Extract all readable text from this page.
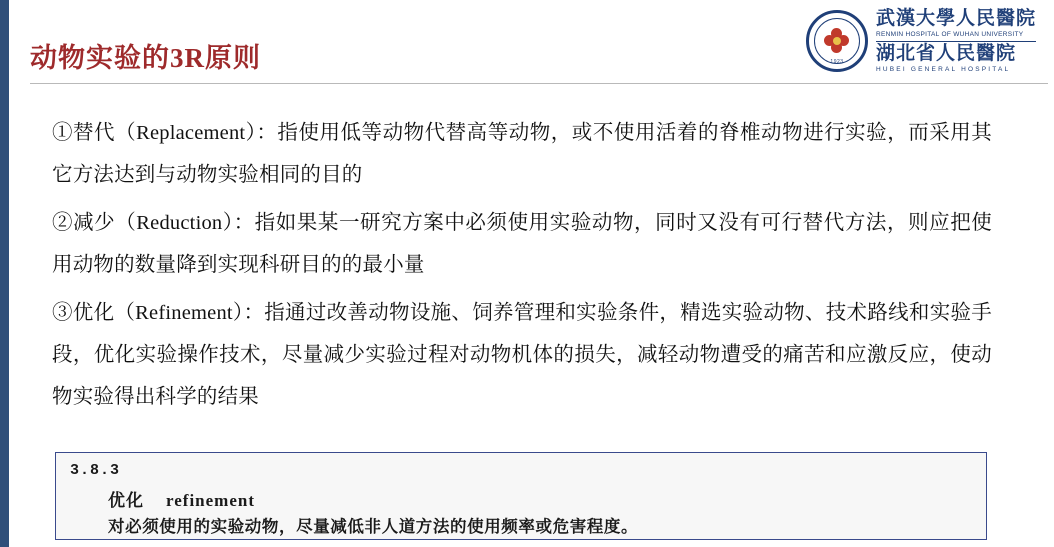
动物实验的3R原则	1923
武漢大學人民醫院
RENMIN HOSPITAL OF WUHAN UNIVERSITY
湖北省人民醫院
HUBEI GENERAL HOSPITAL
①替代（Replacement）：指使用低等动物代替高等动物，或不使用活着的脊椎动物进行实验，而采用其它方法达到与动物实验相同的目的
②减少（Reduction）：指如果某一研究方案中必须使用实验动物，同时又没有可行替代方法，则应把使用动物的数量降到实现科研目的的最小量
③优化（Refinement）：指通过改善动物设施、饲养管理和实验条件，精选实验动物、技术路线和实验手段，优化实验操作技术，尽量减少实验过程对动物机体的损失，减轻动物遭受的痛苦和应激反应，使动物实验得出科学的结果
3.8.3
优化 refinement
对必须使用的实验动物，尽量减低非人道方法的使用频率或危害程度。
